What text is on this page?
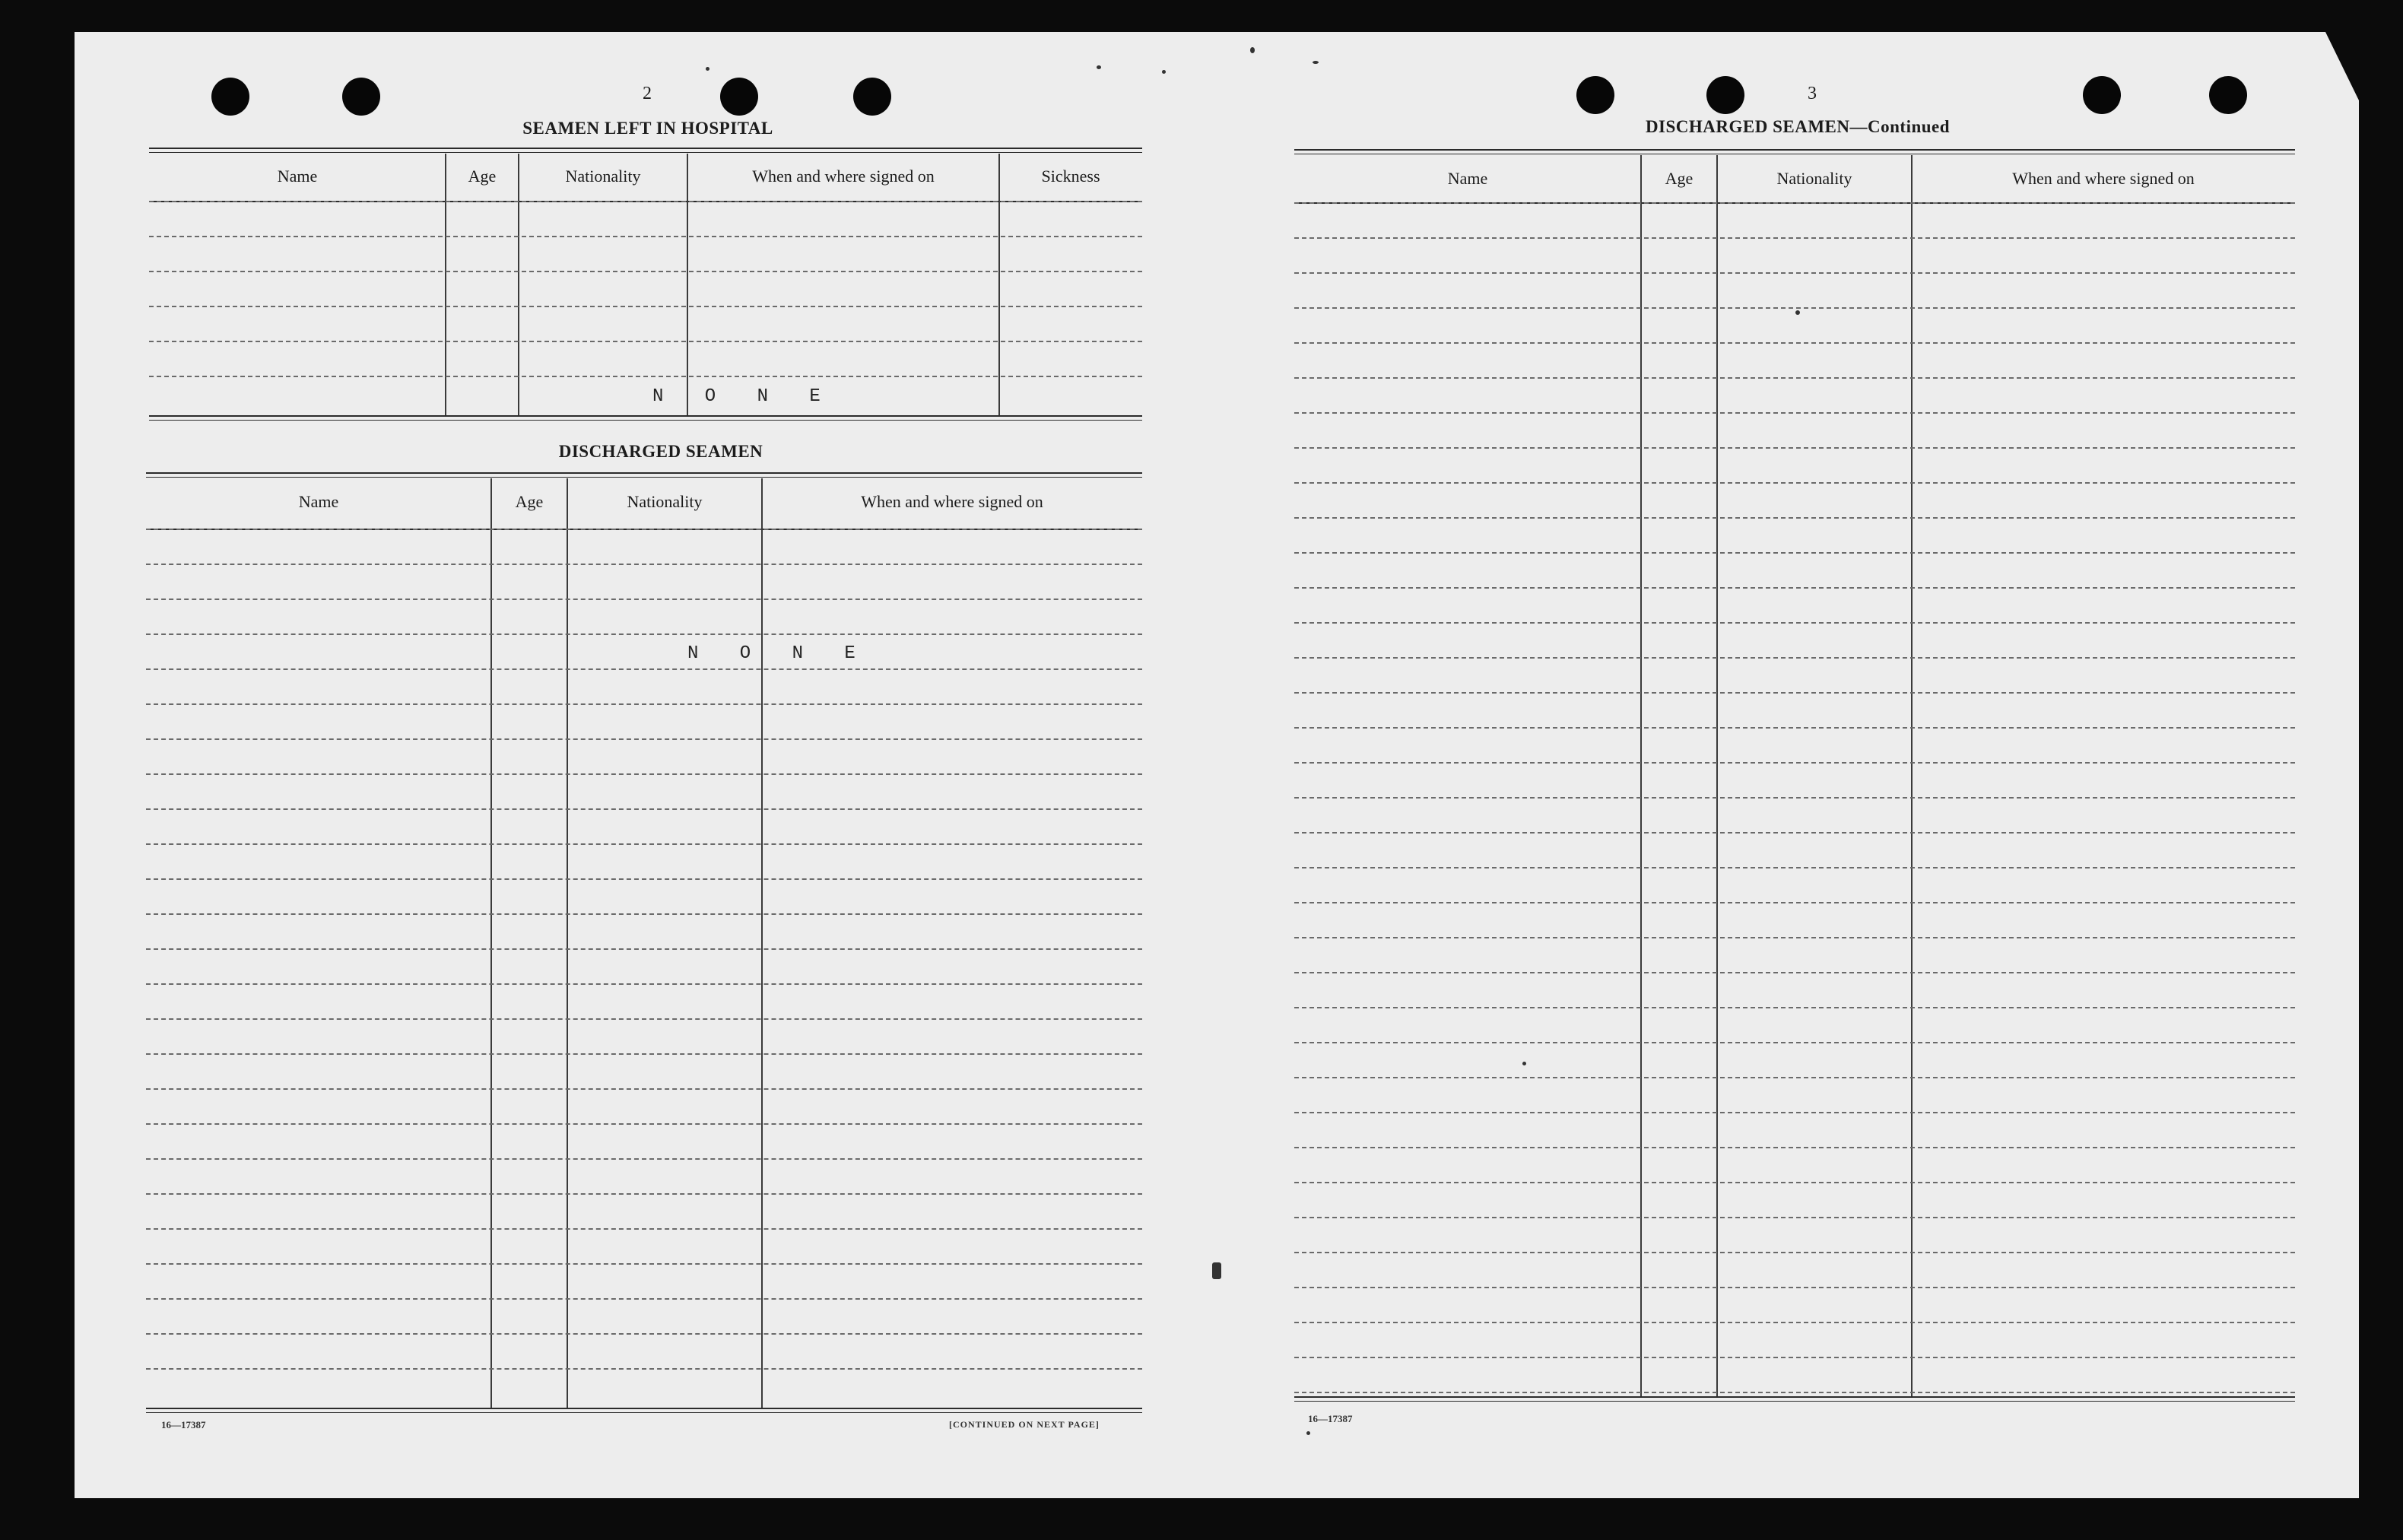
2
SEAMEN LEFT IN HOSPITAL
Name	Age	Nationality	When and where signed on	Sickness
N O N E
DISCHARGED SEAMEN
Name	Age	Nationality	When and where signed on
N O N E
16—17387	[CONTINUED ON NEXT PAGE]
3
DISCHARGED SEAMEN—Continued
Name	Age	Nationality	When and where signed on
16—17387
